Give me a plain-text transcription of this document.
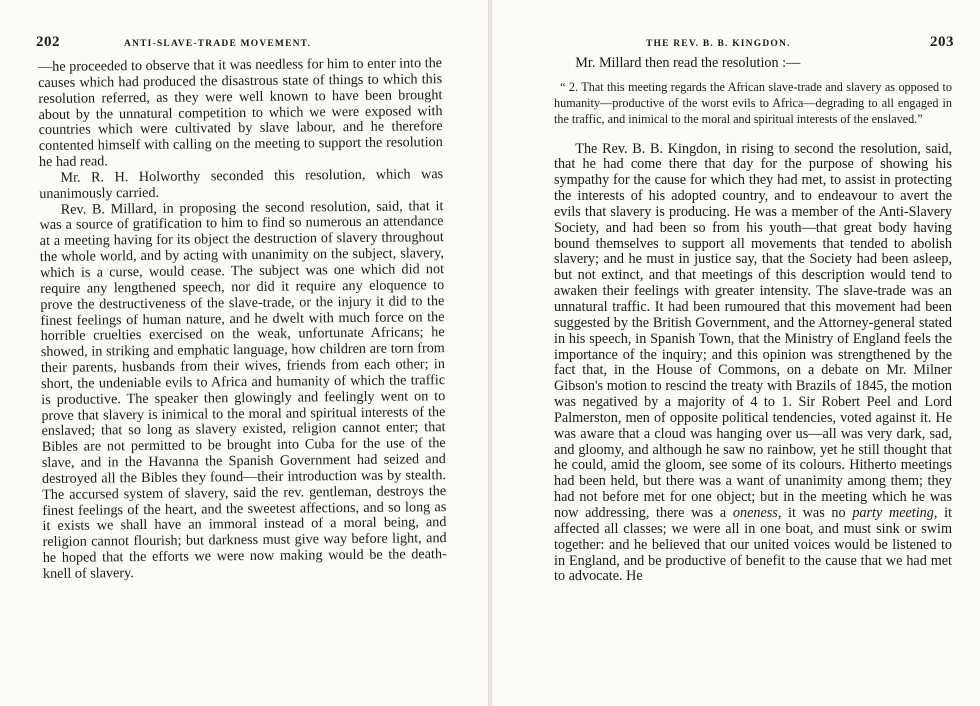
202	ANTI-SLAVE-TRADE MOVEMENT.

—he proceeded to observe that it was needless for him to enter into the causes which had produced the disastrous state of things to which this resolution referred, as they were well known to have been brought about by the unnatural competition to which we were exposed with countries which were cultivated by slave labour, and he therefore contented himself with calling on the meeting to support the resolution he had read.

Mr. R. H. Holworthy seconded this resolution, which was unanimously carried.

Rev. B. Millard, in proposing the second resolution, said, that it was a source of gratification to him to find so numerous an attendance at a meeting having for its object the destruction of slavery throughout the whole world, and by acting with unanimity on the subject, slavery, which is a curse, would cease. The subject was one which did not require any lengthened speech, nor did it require any eloquence to prove the destructiveness of the slave-trade, or the injury it did to the finest feelings of human nature, and he dwelt with much force on the horrible cruelties exercised on the weak, unfortunate Africans; he showed, in striking and emphatic language, how children are torn from their parents, husbands from their wives, friends from each other; in short, the undeniable evils to Africa and humanity of which the traffic is productive. The speaker then glowingly and feelingly went on to prove that slavery is inimical to the moral and spiritual interests of the enslaved; that so long as slavery existed, religion cannot enter; that Bibles are not permitted to be brought into Cuba for the use of the slave, and in the Havanna the Spanish Government had seized and destroyed all the Bibles they found—their introduction was by stealth. The accursed system of slavery, said the rev. gentleman, destroys the finest feelings of the heart, and the sweetest affections, and so long as it exists we shall have an immoral instead of a moral being, and religion cannot flourish; but darkness must give way before light, and he hoped that the efforts we were now making would be the death-knell of slavery.

THE REV. B. B. KINGDON.	203

Mr. Millard then read the resolution :—

“ 2. That this meeting regards the African slave-trade and slavery as opposed to humanity—productive of the worst evils to Africa—degrading to all engaged in the traffic, and inimical to the moral and spiritual interests of the enslaved.”

The Rev. B. B. Kingdon, in rising to second the resolution, said, that he had come there that day for the purpose of showing his sympathy for the cause for which they had met, to assist in protecting the interests of his adopted country, and to endeavour to avert the evils that slavery is producing. He was a member of the Anti-Slavery Society, and had been so from his youth—that great body having bound themselves to support all movements that tended to abolish slavery; and he must in justice say, that the Society had been asleep, but not extinct, and that meetings of this description would tend to awaken their feelings with greater intensity. The slave-trade was an unnatural traffic. It had been rumoured that this movement had been suggested by the British Government, and the Attorney-general stated in his speech, in Spanish Town, that the Ministry of England feels the importance of the inquiry; and this opinion was strengthened by the fact that, in the House of Commons, on a debate on Mr. Milner Gibson's motion to rescind the treaty with Brazils of 1845, the motion was negatived by a majority of 4 to 1. Sir Robert Peel and Lord Palmerston, men of opposite political tendencies, voted against it. He was aware that a cloud was hanging over us—all was very dark, sad, and gloomy, and although he saw no rainbow, yet he still thought that he could, amid the gloom, see some of its colours. Hitherto meetings had been held, but there was a want of unanimity among them; they had not before met for one object; but in the meeting which he was now addressing, there was a oneness, it was no party meeting, it affected all classes; we were all in one boat, and must sink or swim together: and he believed that our united voices would be listened to in England, and be productive of benefit to the cause that we had met to advocate. He
